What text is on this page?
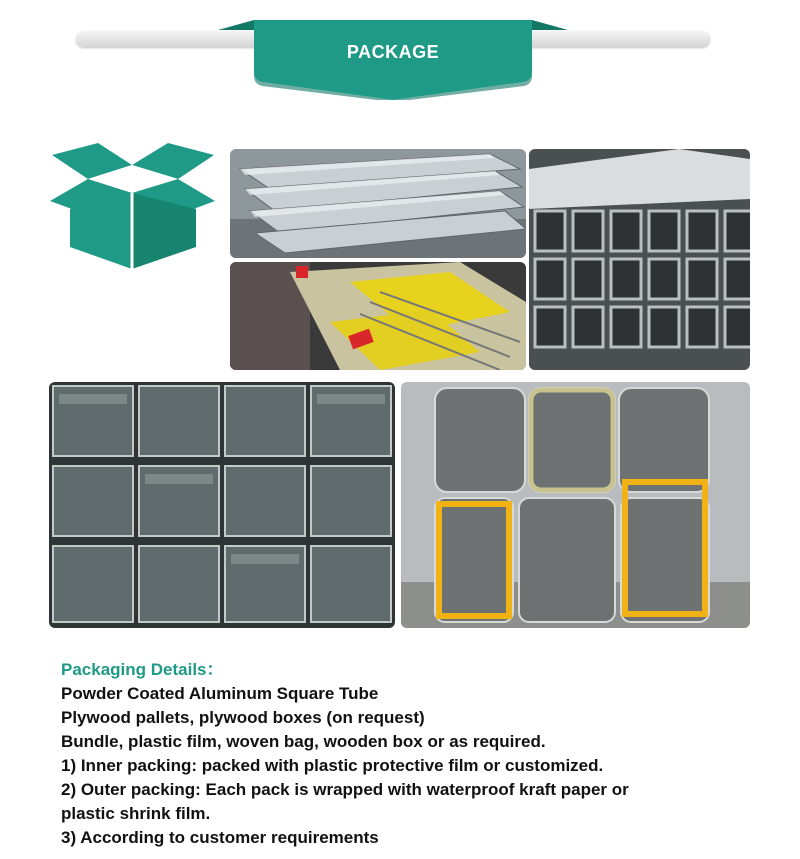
PACKAGE

Packaging Details：

Powder Coated Aluminum Square Tube

Plywood pallets, plywood boxes (on request)

Bundle, plastic film, woven bag, wooden box or as required.

1) Inner packing: packed with plastic protective film or customized.

2) Outer packing: Each pack is wrapped with waterproof kraft paper or

plastic shrink film.

3) According to customer requirements
